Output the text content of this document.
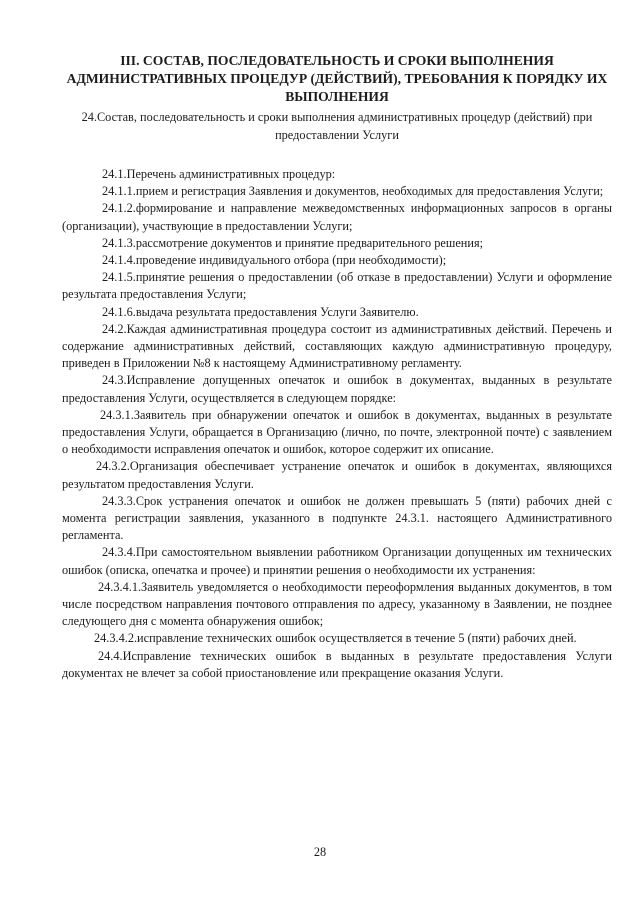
III. СОСТАВ, ПОСЛЕДОВАТЕЛЬНОСТЬ И СРОКИ ВЫПОЛНЕНИЯ АДМИНИСТРАТИВНЫХ ПРОЦЕДУР (ДЕЙСТВИЙ), ТРЕБОВАНИЯ К ПОРЯДКУ ИХ ВЫПОЛНЕНИЯ
24.Состав, последовательность и сроки выполнения административных процедур (действий) при предоставлении Услуги

24.1.Перечень административных процедур:

24.1.1.прием и регистрация Заявления и документов, необходимых для предоставления Услуги;

24.1.2.формирование и направление межведомственных информационных запросов в органы (организации), участвующие в предоставлении Услуги;

24.1.3.рассмотрение документов и принятие предварительного решения;

24.1.4.проведение индивидуального отбора (при необходимости);

24.1.5.принятие решения о предоставлении (об отказе в предоставлении) Услуги и оформление результата предоставления Услуги;

24.1.6.выдача результата предоставления Услуги Заявителю.

24.2.Каждая административная процедура состоит из административных действий. Перечень и содержание административных действий, составляющих каждую административную процедуру, приведен в Приложении №8 к настоящему Административному регламенту.

24.3.Исправление допущенных опечаток и ошибок в документах, выданных в результате предоставления Услуги, осуществляется в следующем порядке:

24.3.1.Заявитель при обнаружении опечаток и ошибок в документах, выданных в результате предоставления Услуги, обращается в Организацию (лично, по почте, электронной почте) с заявлением о необходимости исправления опечаток и ошибок, которое содержит их описание.

24.3.2.Организация обеспечивает устранение опечаток и ошибок в документах, являющихся результатом предоставления Услуги.

24.3.3.Срок устранения опечаток и ошибок не должен превышать 5 (пяти) рабочих дней с момента регистрации заявления, указанного в подпункте 24.3.1. настоящего Административного регламента.

24.3.4.При самостоятельном выявлении работником Организации допущенных им технических ошибок (описка, опечатка и прочее) и принятии решения о необходимости их устранения:

24.3.4.1.Заявитель уведомляется о необходимости переоформления выданных документов, в том числе посредством направления почтового отправления по адресу, указанному в Заявлении, не позднее следующего дня с момента обнаружения ошибок;

24.3.4.2.исправление технических ошибок осуществляется в течение 5 (пяти) рабочих дней.

24.4.Исправление технических ошибок в выданных в результате предоставления Услуги документах не влечет за собой приостановление или прекращение оказания Услуги.

28
